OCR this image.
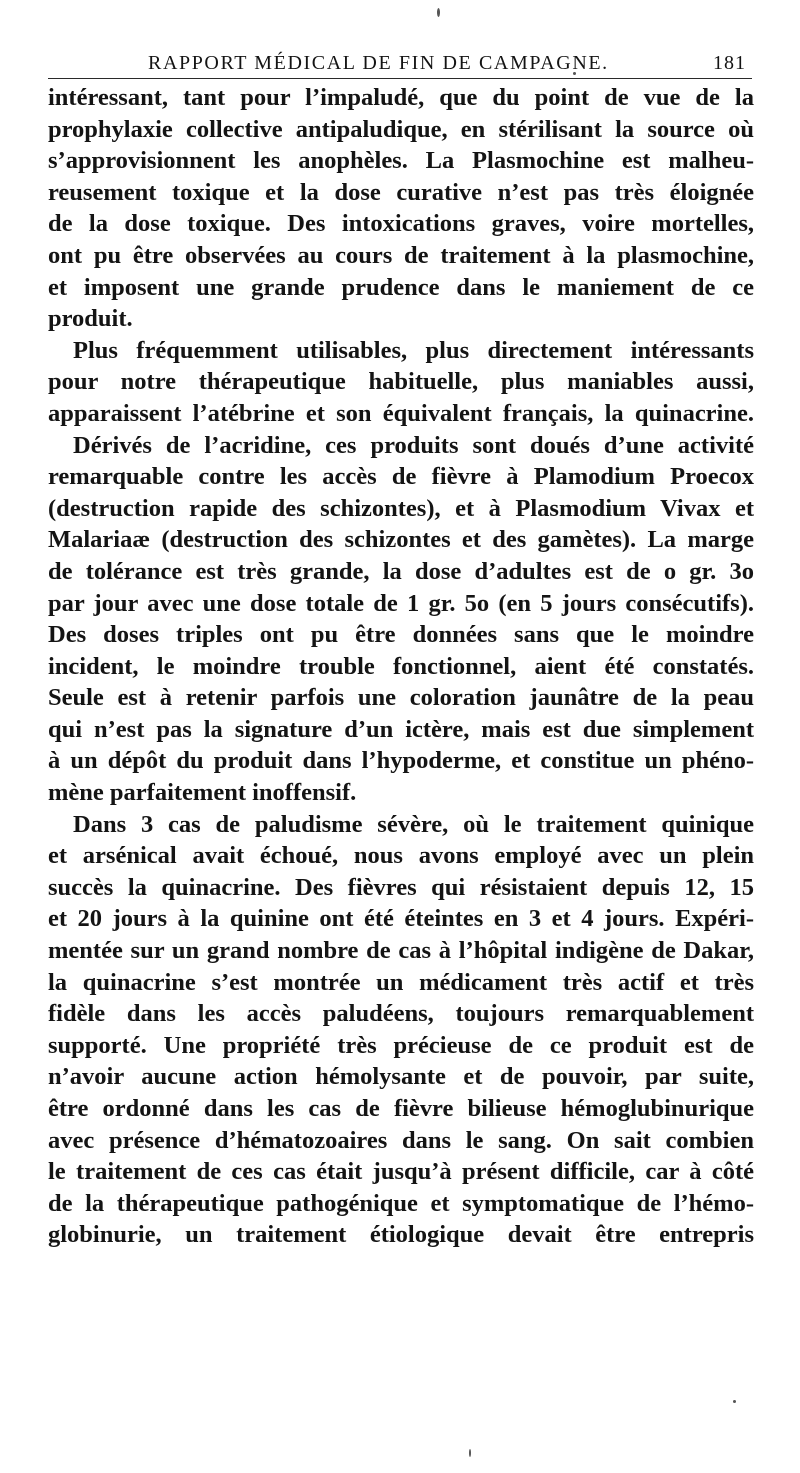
RAPPORT MÉDICAL DE FIN DE CAMPAGNE.	181
intéressant, tant pour l’impaludé, que du point de vue de la
prophylaxie collective antipaludique, en stérilisant la source où
s’approvisionnent les anophèles. La Plasmochine est malheu-
reusement toxique et la dose curative n’est pas très éloignée
de la dose toxique. Des intoxications graves, voire mortelles,
ont pu être observées au cours de traitement à la plasmochine,
et imposent une grande prudence dans le maniement de ce
produit.
Plus fréquemment utilisables, plus directement intéressants
pour notre thérapeutique habituelle, plus maniables aussi,
apparaissent l’atébrine et son équivalent français, la quinacrine.
Dérivés de l’acridine, ces produits sont doués d’une activité
remarquable contre les accès de fièvre à Plamodium Proecox
(destruction rapide des schizontes), et à Plasmodium Vivax et
Malariaæ (destruction des schizontes et des gamètes). La marge
de tolérance est très grande, la dose d’adultes est de o gr. 3o
par jour avec une dose totale de 1 gr. 5o (en 5 jours consécutifs).
Des doses triples ont pu être données sans que le moindre
incident, le moindre trouble fonctionnel, aient été constatés.
Seule est à retenir parfois une coloration jaunâtre de la peau
qui n’est pas la signature d’un ictère, mais est due simplement
à un dépôt du produit dans l’hypoderme, et constitue un phéno-
mène parfaitement inoffensif.
Dans 3 cas de paludisme sévère, où le traitement quinique
et arsénical avait échoué, nous avons employé avec un plein
succès la quinacrine. Des fièvres qui résistaient depuis 12, 15
et 20 jours à la quinine ont été éteintes en 3 et 4 jours. Expéri-
mentée sur un grand nombre de cas à l’hôpital indigène de Dakar,
la quinacrine s’est montrée un médicament très actif et très
fidèle dans les accès paludéens, toujours remarquablement
supporté. Une propriété très précieuse de ce produit est de
n’avoir aucune action hémolysante et de pouvoir, par suite,
être ordonné dans les cas de fièvre bilieuse hémoglubinurique
avec présence d’hématozoaires dans le sang. On sait combien
le traitement de ces cas était jusqu’à présent difficile, car à côté
de la thérapeutique pathogénique et symptomatique de l’hémo-
globinurie, un traitement étiologique devait être entrepris
